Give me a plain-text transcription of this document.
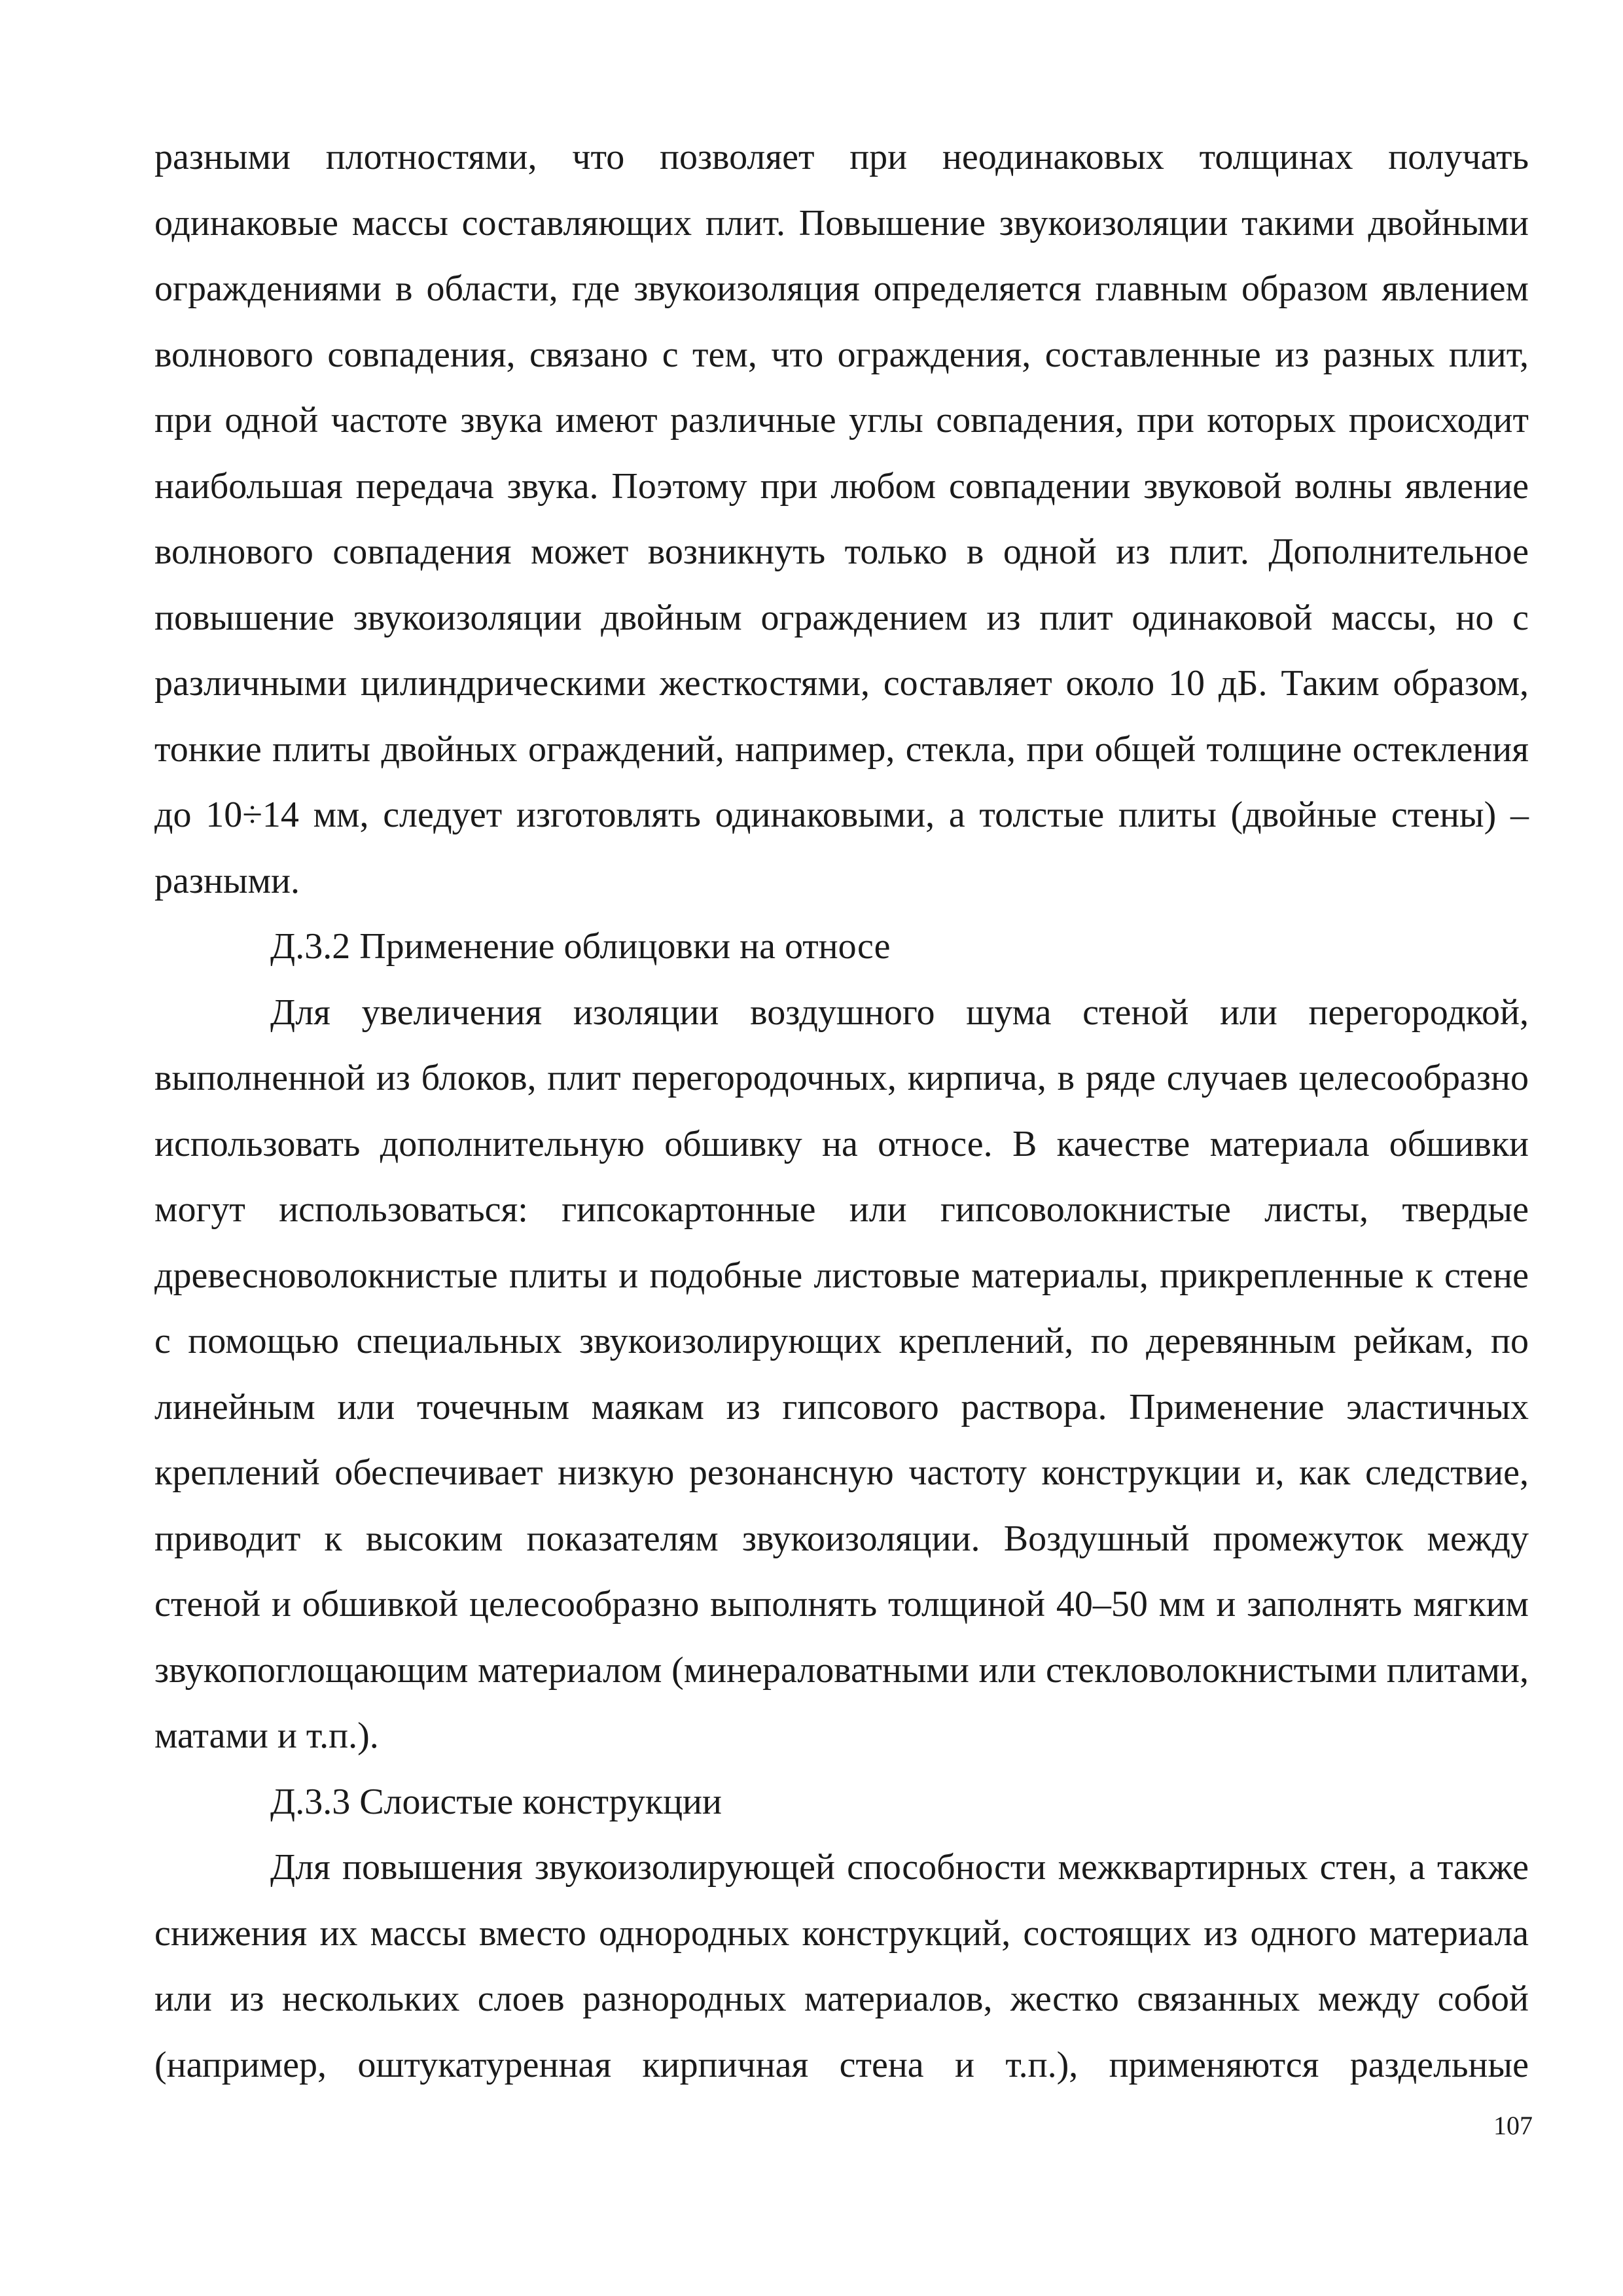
разными плотностями, что позволяет при неодинаковых толщинах получать одинаковые массы составляющих плит. Повышение звукоизоляции такими двойными ограждениями в области, где звукоизоляция определяется главным образом явлением волнового совпадения, связано с тем, что ограждения, составленные из разных плит, при одной частоте звука имеют различные углы совпадения, при которых происходит наибольшая передача звука. Поэтому при любом совпадении звуковой волны явление волнового совпадения может возникнуть только в одной из плит. Дополнительное повышение звукоизоляции двойным ограждением из плит одинаковой массы, но с различными цилиндрическими жесткостями, составляет около 10 дБ. Таким образом, тонкие плиты двойных ограждений, например, стекла, при общей толщине остекления до 10÷14 мм, следует изготовлять одинаковыми, а толстые плиты (двойные стены) – разными.

Д.3.2 Применение облицовки на относе

Для увеличения изоляции воздушного шума стеной или перегородкой, выполненной из блоков, плит перегородочных, кирпича, в ряде случаев целесообразно использовать дополнительную обшивку на относе. В качестве материала обшивки могут использоваться: гипсокартонные или гипсоволокнистые листы, твердые древесноволокнистые плиты и подобные листовые материалы, прикрепленные к стене с помощью специальных звукоизолирующих креплений, по деревянным рейкам, по линейным или точечным маякам из гипсового раствора. Применение эластичных креплений обеспечивает низкую резонансную частоту конструкции и, как следствие, приводит к высоким показателям звукоизоляции. Воздушный промежуток между стеной и обшивкой целесообразно выполнять толщиной 40–50 мм и заполнять мягким звукопоглощающим материалом (минераловатными или стекловолокнистыми плитами, матами и т.п.).

Д.3.3 Слоистые конструкции

Для повышения звукоизолирующей способности межквартирных стен, а также снижения их массы вместо однородных конструкций, состоящих из одного материала или из нескольких слоев разнородных материалов, жестко связанных между собой (например, оштукатуренная кирпичная стена и т.п.), применяются раздельные

107
